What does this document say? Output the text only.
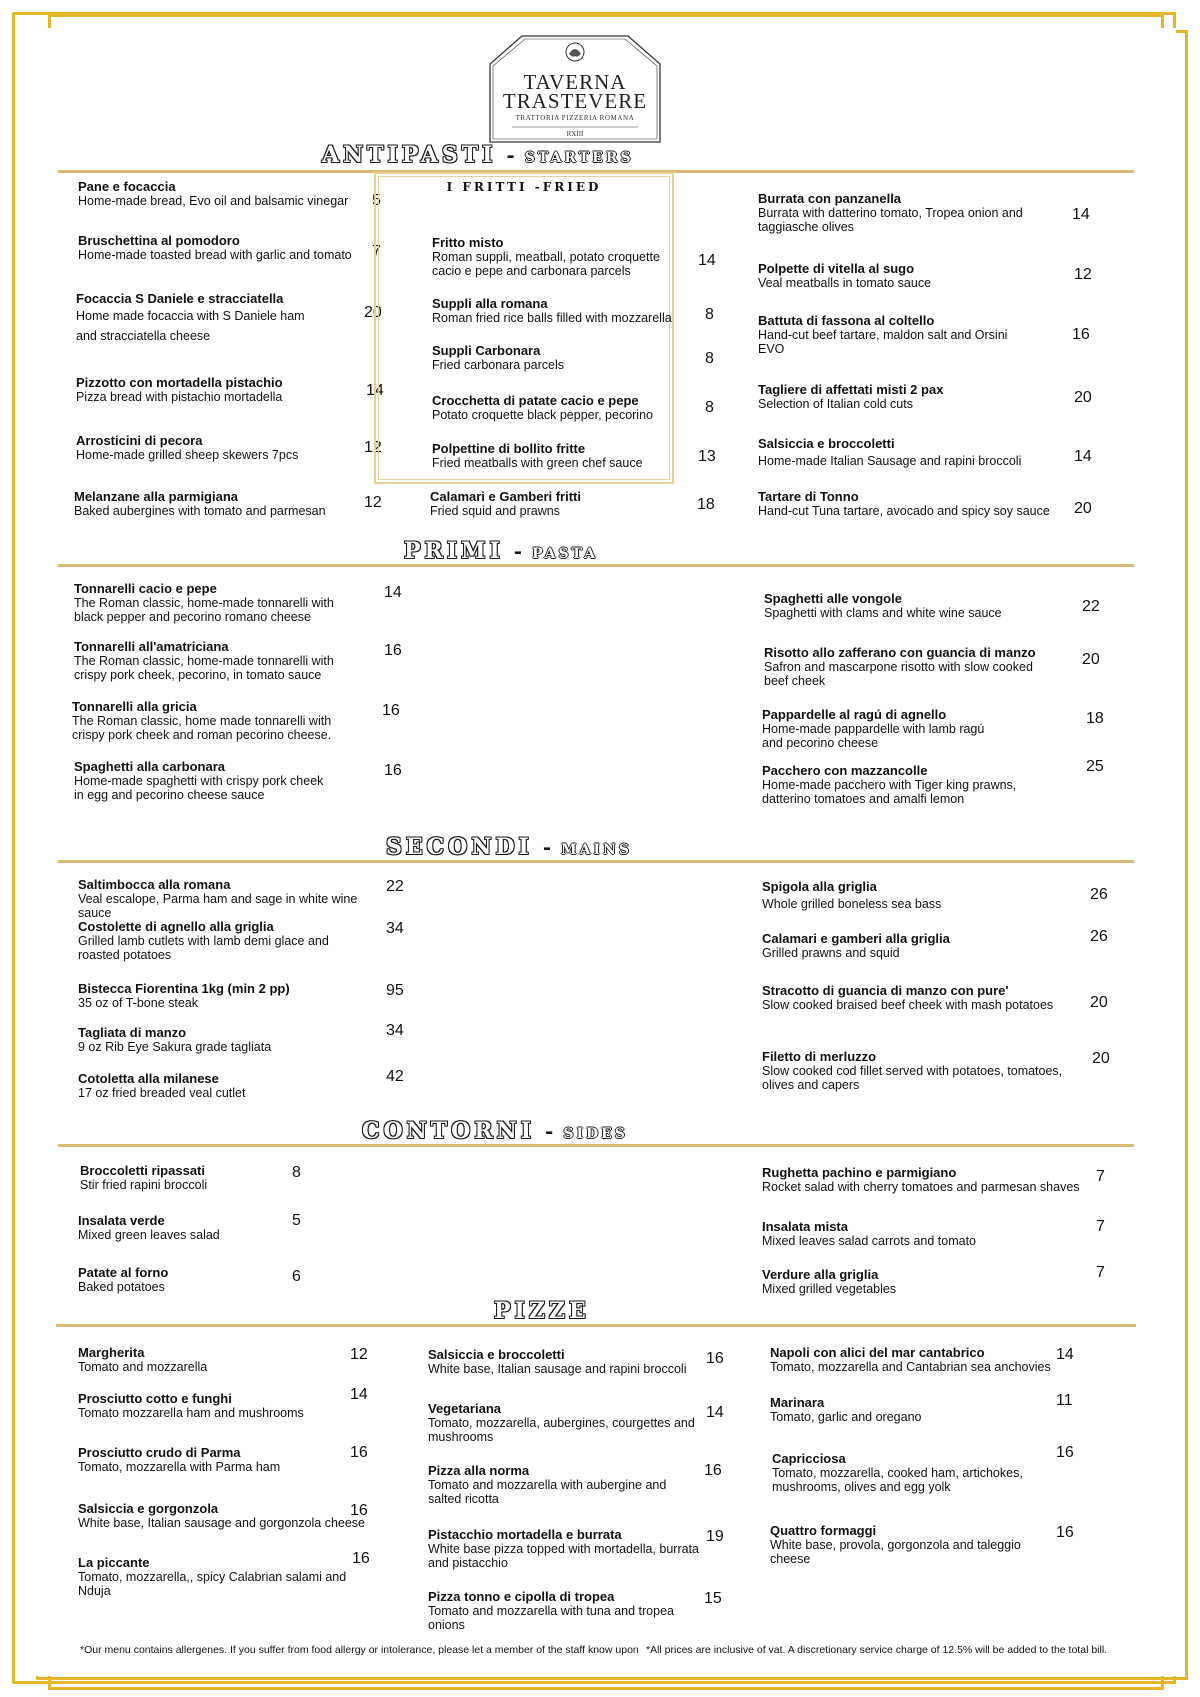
TAVERNA
TRASTEVERE
TRATTORIA PIZZERIA ROMANA
RXIII
ANTIPASTI - STARTERS
Pane e focaccia
Home-made bread, Evo oil and balsamic vinegar	5
Bruschettina al pomodoro
Home-made toasted bread with garlic and tomato	7
Focaccia S Daniele e stracciatella
Home made focaccia with S Daniele ham and stracciatella cheese
20
Pizzotto con mortadella pistachio
Pizza bread with pistachio mortadella	14
Arrosticini di pecora
Home-made grilled sheep skewers 7pcs	12
Melanzane alla parmigiana
Baked aubergines with tomato and parmesan	12
I FRITTI -FRIED
Fritto misto
Roman suppli, meatball, potato croquette cacio e pepe and carbonara parcels
14
Suppli alla romana
Roman fried rice balls filled with mozzarella	8
Suppli Carbonara
Fried carbonara parcels	8
Crocchetta di patate cacio e pepe
Potato croquette black pepper, pecorino	8
Polpettine di bollito fritte
Fried meatballs with green chef sauce	13
Calamari e Gamberi fritti
Fried squid and prawns	18
Burrata con panzanella
Burrata with datterino tomato, Tropea onion and taggiasche olives
14
Polpette di vitella al sugo
Veal meatballs in tomato sauce	12
Battuta di fassona al coltello
Hand-cut beef tartare, maldon salt and Orsini EVO
16
Tagliere di affettati misti 2 pax
Selection of Italian cold cuts	20
Salsiccia e broccoletti
Home-made Italian Sausage and rapini broccoli	14
Tartare di Tonno
Hand-cut Tuna tartare, avocado and spicy soy sauce	20
PRIMI - PASTA
Tonnarelli cacio e pepe
The Roman classic, home-made tonnarelli with black pepper and pecorino romano cheese
14
Tonnarelli all'amatriciana
The Roman classic, home-made tonnarelli with crispy pork cheek, pecorino, in tomato sauce
16
Tonnarelli alla gricia
The Roman classic, home made tonnarelli with crispy pork cheek and roman pecorino cheese.
16
Spaghetti alla carbonara
Home-made spaghetti with crispy pork cheek in egg and pecorino cheese sauce
16
Spaghetti alle vongole
Spaghetti with clams and white wine sauce	22
Risotto allo zafferano con guancia di manzo
Safron and mascarpone risotto with slow cooked beef cheek
20
Pappardelle al ragú di agnello
Home-made pappardelle with lamb ragú and pecorino cheese
18
Pacchero con mazzancolle
Home-made pacchero with Tiger king prawns, datterino tomatoes and amalfi lemon
25
SECONDI - MAINS
Saltimbocca alla romana
Veal escalope, Parma ham and sage in white wine sauce
22
Costolette di agnello alla griglia
Grilled lamb cutlets with lamb demi glace and roasted potatoes
34
Bistecca Fiorentina 1kg (min 2 pp)
35 oz of T-bone steak
95
Tagliata di manzo
9 oz Rib Eye Sakura grade tagliata
34
Cotoletta alla milanese
17 oz fried breaded veal cutlet
42
Spigola alla griglia
Whole grilled boneless sea bass
26
Calamari e gamberi alla griglia
Grilled prawns and squid
26
Stracotto di guancia di manzo con pure'
Slow cooked braised beef cheek with mash potatoes	20
Filetto di merluzzo
Slow cooked cod fillet served with potatoes, tomatoes, olives and capers
20
CONTORNI - SIDES
Broccoletti ripassati
Stir fried rapini broccoli
8
Insalata verde
Mixed green leaves salad
5
Patate al forno
Baked potatoes
6
Rughetta pachino e parmigiano
Rocket salad with cherry tomatoes and parmesan shaves
7
Insalata mista
Mixed leaves salad carrots and tomato
7
Verdure alla griglia
Mixed grilled vegetables
7
PIZZE
Margherita
Tomato and mozzarella
12
Prosciutto cotto e funghi
Tomato mozzarella ham and mushrooms
14
Prosciutto crudo di Parma
Tomato, mozzarella with Parma ham
16
Salsiccia e gorgonzola
White base, Italian sausage and gorgonzola cheese
16
La piccante
Tomato, mozzarella,, spicy Calabrian salami and Nduja
16
Salsiccia e broccoletti
White base, Italian sausage and rapini broccoli
16
Vegetariana
Tomato, mozzarella, aubergines, courgettes and mushrooms
14
Pizza alla norma
Tomato and mozzarella with aubergine and salted ricotta
16
Pistacchio mortadella e burrata
White base pizza topped with mortadella, burrata and pistacchio
19
Pizza tonno e cipolla di tropea
Tomato and mozzarella with tuna and tropea onions
15
Napoli con alici del mar cantabrico
Tomato, mozzarella and Cantabrian sea anchovies
14
Marinara
Tomato, garlic and oregano
11
Capricciosa
Tomato, mozzarella, cooked ham, artichokes, mushrooms, olives and egg yolk
16
Quattro formaggi
White base, provola, gorgonzola and taleggio cheese
16
*Our menu contains allergenes. If you suffer from food allergy or intolerance, please let a member of the staff know upon *All prices are inclusive of vat. A discretionary service charge of 12.5% will be added to the total bill.
